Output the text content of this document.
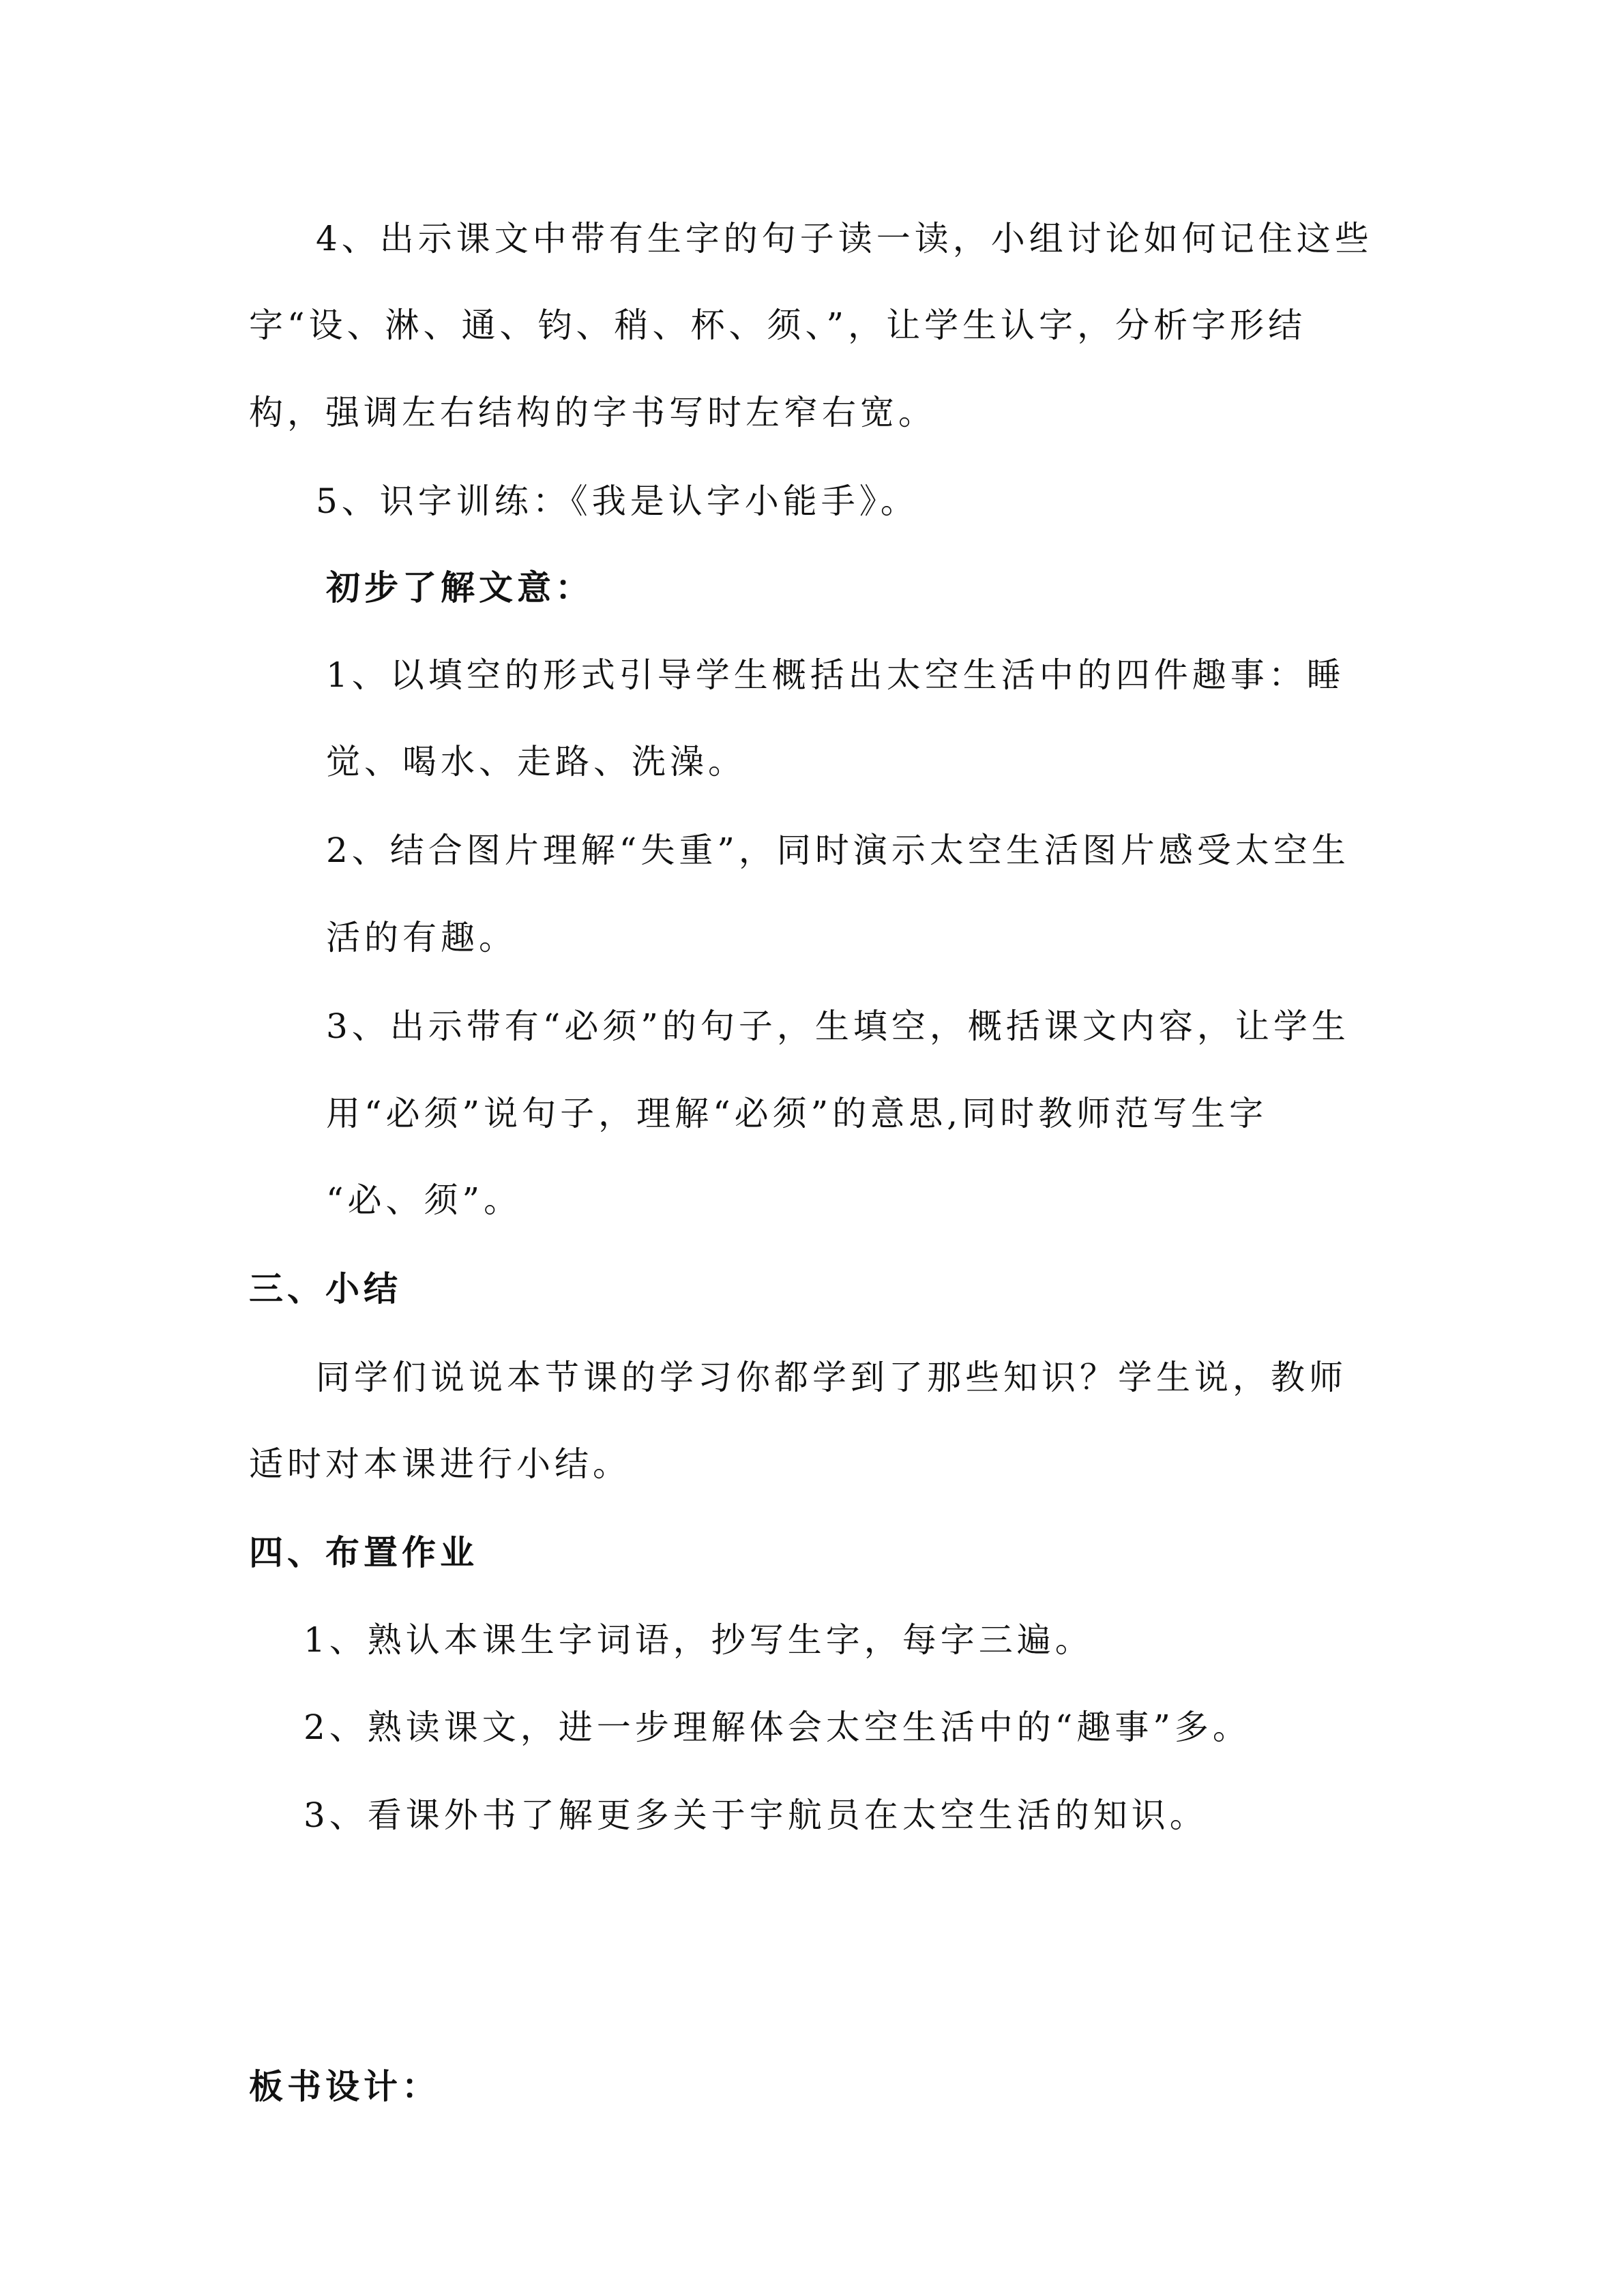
4、出示课文中带有生字的句子读一读，小组讨论如何记住这些
字“设、淋、通、钧、稍、杯、须、”，让学生认字，分析字形结
构，强调左右结构的字书写时左窄右宽。
5、识字训练：《我是认字小能手》。
初步了解文意：
1、以填空的形式引导学生概括出太空生活中的四件趣事：睡
觉、喝水、走路、洗澡。
2、结合图片理解“失重”，同时演示太空生活图片感受太空生
活的有趣。
3、出示带有“必须”的句子，生填空，概括课文内容，让学生
用“必须”说句子，理解“必须”的意思,同时教师范写生字
“必、须”。
三、小结
同学们说说本节课的学习你都学到了那些知识？学生说，教师
适时对本课进行小结。
四、布置作业
1、熟认本课生字词语，抄写生字，每字三遍。
2、熟读课文，进一步理解体会太空生活中的“趣事”多。
3、看课外书了解更多关于宇航员在太空生活的知识。
板书设计：
